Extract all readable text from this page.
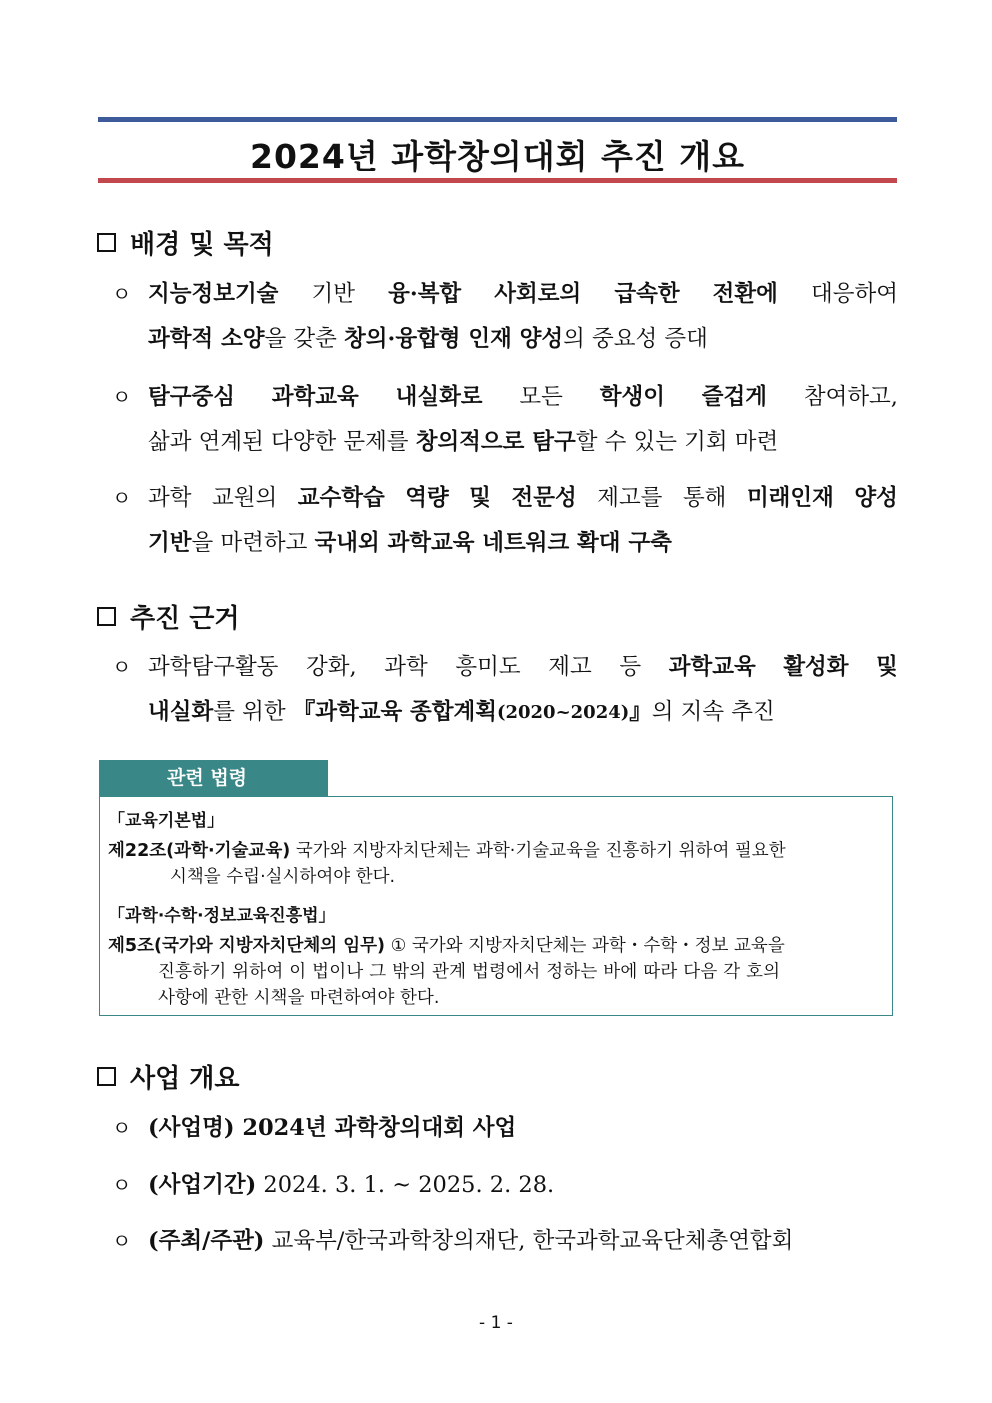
2024년 과학창의대회 추진 개요
배경 및 목적
ㅇ 지능정보기술 기반 융·복합 사회로의 급속한 전환에 대응하여
과학적 소양 을 갖춘 창의·융합형 인재 양성 의 중요성 증대
ㅇ 탐구중심 과학교육 내실화로 모든 학생이 즐겁게 참여하고,
삶과 연계된 다양한 문제를 창의적으로 탐구 할 수 있는 기회 마련
ㅇ 과학 교원의 교수학습 역량 및 전문성 제고를 통해 미래인재 양성
기반 을 마련하고 국내외 과학교육 네트워크 확대 구축
추진 근거
ㅇ 과학탐구활동 강화, 과학 흥미도 제고 등 과학교육 활성화 및
내실화 를 위한 『과학교육 종합계획 (2020~2024) 』 의 지속 추진
관련 법령
「교육기본법」
제22조(과학·기술교육) 국가와 지방자치단체는 과학·기술교육을 진흥하기 위하여 필요한
시책을 수립·실시하여야 한다.
「과학·수학·정보교육진흥법」
제5조(국가와 지방자치단체의 임무) ① 국가와 지방자치단체는 과학・수학・정보 교육을
진흥하기 위하여 이 법이나 그 밖의 관계 법령에서 정하는 바에 따라 다음 각 호의
사항에 관한 시책을 마련하여야 한다.
사업 개요
ㅇ (사업명) 2024년 과학창의대회 사업
ㅇ (사업기간) 2024. 3. 1. ~ 2025. 2. 28.
ㅇ (주최/주관) 교육부/한국과학창의재단, 한국과학교육단체총연합회
- 1 -
